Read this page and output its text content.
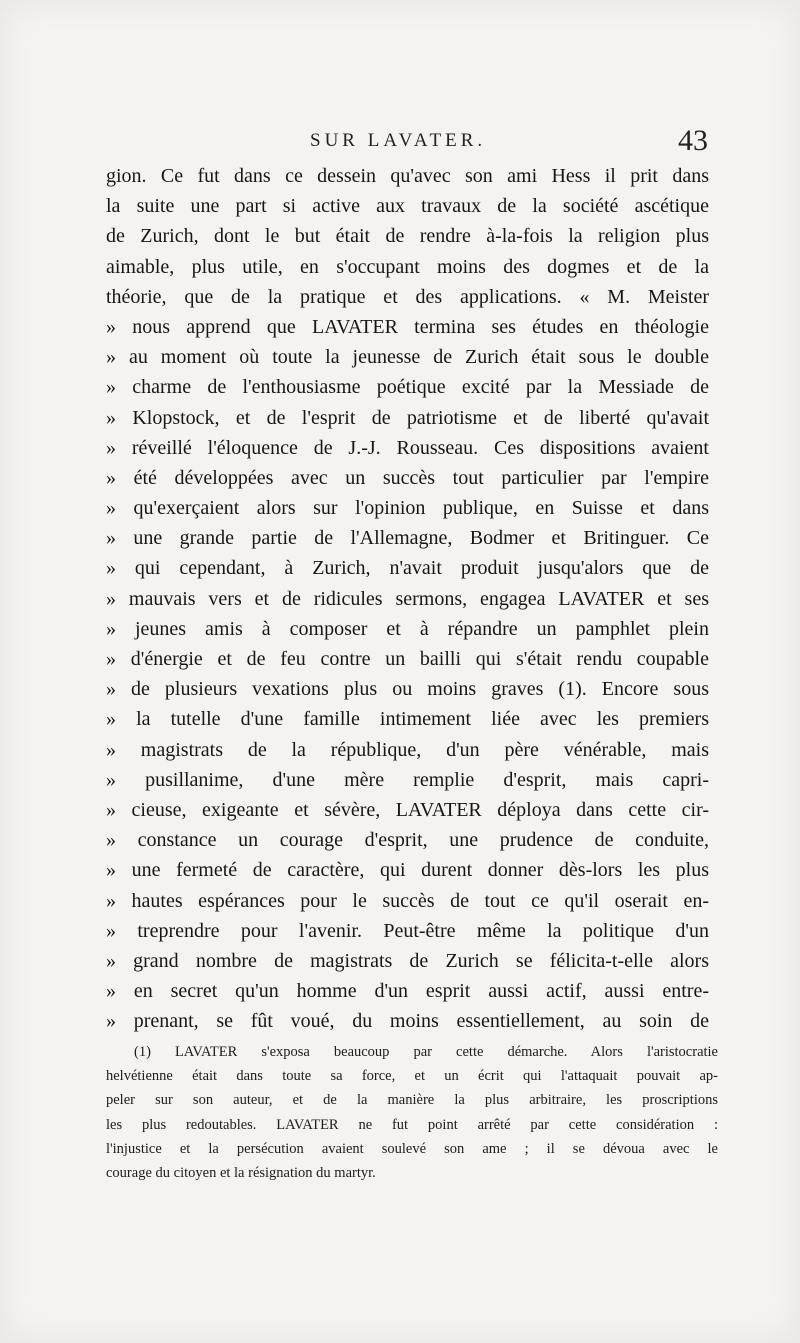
SUR LAVATER.	43
gion. Ce fut dans ce dessein qu'avec son ami Hess il prit dans
la suite une part si active aux travaux de la société ascétique
de Zurich, dont le but était de rendre à-la-fois la religion plus
aimable, plus utile, en s'occupant moins des dogmes et de la
théorie, que de la pratique et des applications. « M. Meister
» nous apprend que LAVATER termina ses études en théologie
» au moment où toute la jeunesse de Zurich était sous le double
» charme de l'enthousiasme poétique excité par la Messiade de
» Klopstock, et de l'esprit de patriotisme et de liberté qu'avait
» réveillé l'éloquence de J.-J. Rousseau. Ces dispositions avaient
» été développées avec un succès tout particulier par l'empire
» qu'exerçaient alors sur l'opinion publique, en Suisse et dans
» une grande partie de l'Allemagne, Bodmer et Britinguer. Ce
» qui cependant, à Zurich, n'avait produit jusqu'alors que de
» mauvais vers et de ridicules sermons, engagea LAVATER et ses
» jeunes amis à composer et à répandre un pamphlet plein
» d'énergie et de feu contre un bailli qui s'était rendu coupable
» de plusieurs vexations plus ou moins graves (1). Encore sous
» la tutelle d'une famille intimement liée avec les premiers
» magistrats de la république, d'un père vénérable, mais
» pusillanime, d'une mère remplie d'esprit, mais capri-
» cieuse, exigeante et sévère, LAVATER déploya dans cette cir-
» constance un courage d'esprit, une prudence de conduite,
» une fermeté de caractère, qui durent donner dès-lors les plus
» hautes espérances pour le succès de tout ce qu'il oserait en-
» treprendre pour l'avenir. Peut-être même la politique d'un
» grand nombre de magistrats de Zurich se félicita-t-elle alors
» en secret qu'un homme d'un esprit aussi actif, aussi entre-
» prenant, se fût voué, du moins essentiellement, au soin de
(1) LAVATER s'exposa beaucoup par cette démarche. Alors l'aristocratie
helvétienne était dans toute sa force, et un écrit qui l'attaquait pouvait ap-
peler sur son auteur, et de la manière la plus arbitraire, les proscriptions
les plus redoutables. LAVATER ne fut point arrêté par cette considération :
l'injustice et la persécution avaient soulevé son ame ; il se dévoua avec le
courage du citoyen et la résignation du martyr.
